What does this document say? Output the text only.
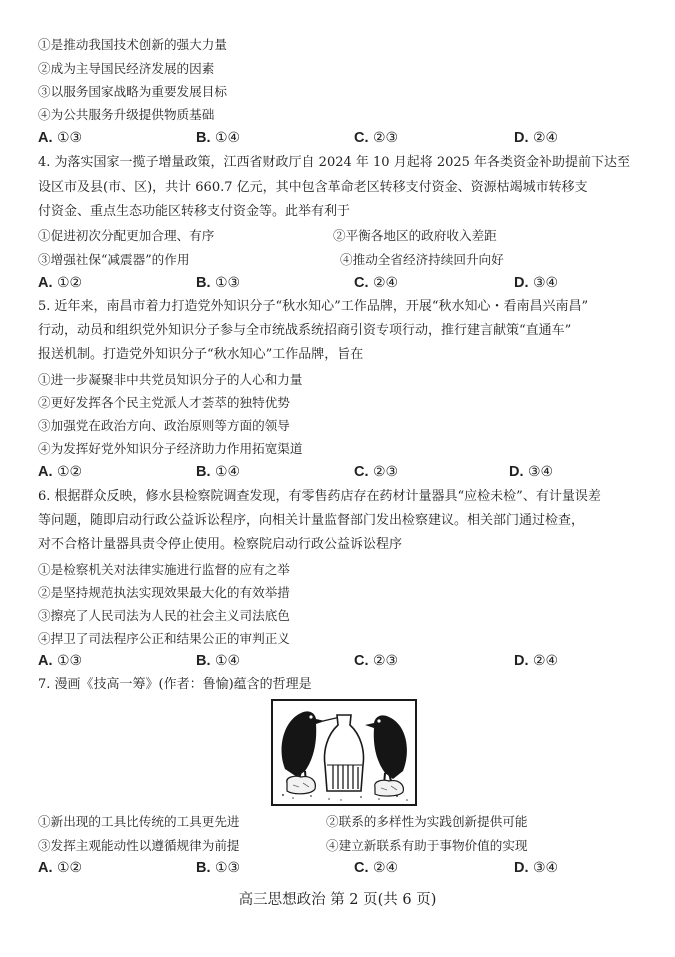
①是推动我国技术创新的强大力量
②成为主导国民经济发展的因素
③以服务国家战略为重要发展目标
④为公共服务升级提供物质基础
A. ①③	B. ①④	C. ②③	D. ②④
4. 为落实国家一揽子增量政策，江西省财政厅自 2024 年 10 月起将 2025 年各类资金补助提前下达至
设区市及县(市、区)，共计 660.7 亿元，其中包含革命老区转移支付资金、资源枯竭城市转移支
付资金、重点生态功能区转移支付资金等。此举有利于
①促进初次分配更加合理、有序	②平衡各地区的政府收入差距
③增强社保“减震器”的作用	④推动全省经济持续回升向好
A. ①②	B. ①③	C. ②④	D. ③④
5. 近年来，南昌市着力打造党外知识分子“秋水知心”工作品牌，开展“秋水知心・看南昌兴南昌”
行动，动员和组织党外知识分子参与全市统战系统招商引资专项行动，推行建言献策“直通车”
报送机制。打造党外知识分子“秋水知心”工作品牌，旨在
①进一步凝聚非中共党员知识分子的人心和力量
②更好发挥各个民主党派人才荟萃的独特优势
③加强党在政治方向、政治原则等方面的领导
④为发挥好党外知识分子经济助力作用拓宽渠道
A. ①②	B. ①④	C. ②③	D. ③④
6. 根据群众反映，修水县检察院调查发现，有零售药店存在药材计量器具“应检未检”、有计量误差
等问题，随即启动行政公益诉讼程序，向相关计量监督部门发出检察建议。相关部门通过检查，
对不合格计量器具责令停止使用。检察院启动行政公益诉讼程序
①是检察机关对法律实施进行监督的应有之举
②是坚持规范执法实现效果最大化的有效举措
③擦亮了人民司法为人民的社会主义司法底色
④捍卫了司法程序公正和结果公正的审判正义
A. ①③	B. ①④	C. ②③	D. ②④
7. 漫画《技高一筹》(作者：鲁愉)蕴含的哲理是
①新出现的工具比传统的工具更先进	②联系的多样性为实践创新提供可能
③发挥主观能动性以遵循规律为前提	④建立新联系有助于事物价值的实现
A. ①②	B. ①③	C. ②④	D. ③④
高三思想政治 第 2 页(共 6 页)
